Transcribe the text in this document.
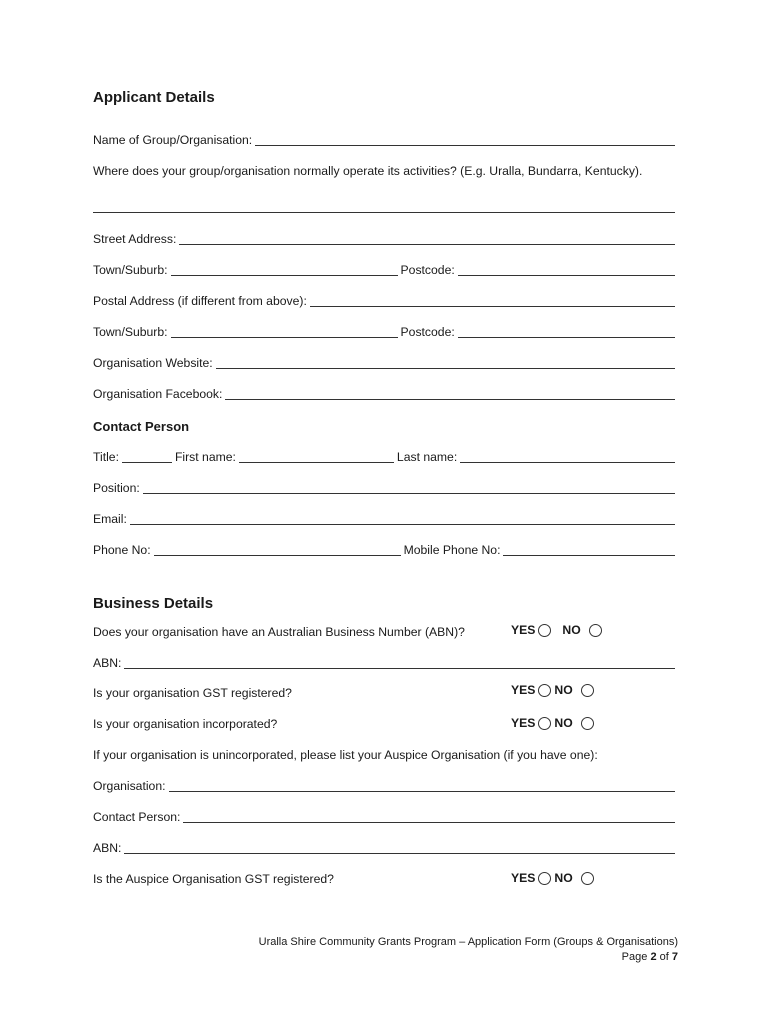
Applicant Details
Name of Group/Organisation:
Where does your group/organisation normally operate its activities? (E.g. Uralla, Bundarra, Kentucky).
Street Address:
Town/Suburb:	Postcode:
Postal Address (if different from above):
Town/Suburb:	Postcode:
Organisation Website:
Organisation Facebook:
Contact Person
Title:	First name:	Last name:
Position:
Email:
Phone No:	Mobile Phone No:
Business Details
Does your organisation have an Australian Business Number (ABN)?	YES NO
ABN:
Is your organisation GST registered?	YES NO
Is your organisation incorporated?	YES NO
If your organisation is unincorporated, please list your Auspice Organisation (if you have one):
Organisation:
Contact Person:
ABN:
Is the Auspice Organisation GST registered?	YES NO
Uralla Shire Community Grants Program – Application Form (Groups & Organisations)
Page 2 of 7
